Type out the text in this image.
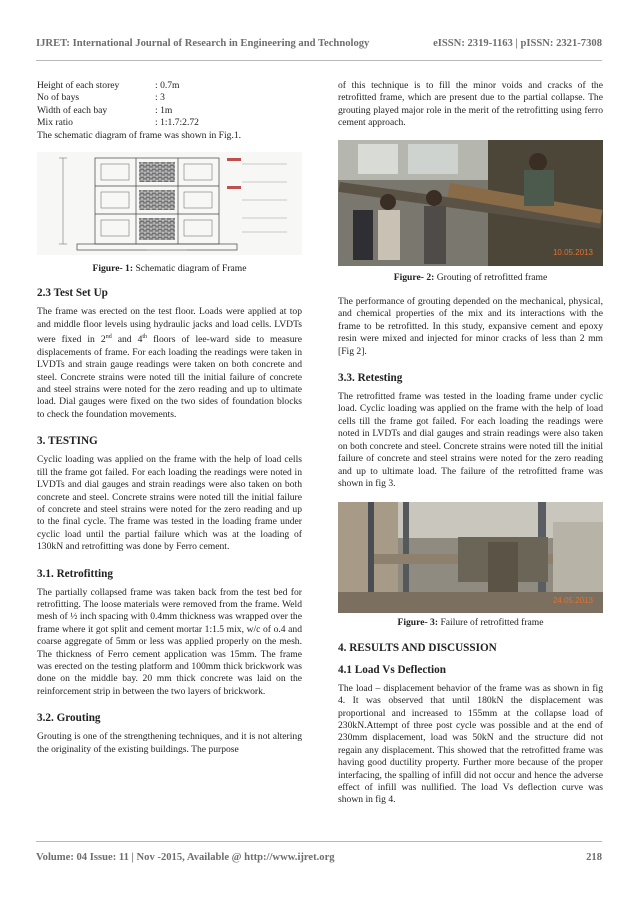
IJRET: International Journal of Research in Engineering and Technology	eISSN: 2319-1163 | pISSN: 2321-7308
Height of each storey	: 0.7m
No of bays	: 3
Width of each bay	: 1m
Mix ratio	: 1:1.7:2.72

The schematic diagram of frame was shown in Fig.1.

Figure- 1: Schematic diagram of Frame

2.3 Test Set Up

The frame was erected on the test floor. Loads were applied at top and middle floor levels using hydraulic jacks and load cells. LVDTs were fixed in 2nd and 4th floors of lee-ward side to measure displacements of frame. For each loading the readings were taken in LVDTs and strain gauge readings were taken on both concrete and steel. Concrete strains were noted till the initial failure of concrete and steel strains were noted for the zero reading and up to ultimate load. Dial gauges were fixed on the two sides of foundation blocks to check the foundation movements.

3. TESTING

Cyclic loading was applied on the frame with the help of load cells till the frame got failed. For each loading the readings were noted in LVDTs and dial gauges and strain readings were also taken on both concrete and steel. Concrete strains were noted till the initial failure of concrete and steel strains were noted for the zero reading and up to the final cycle. The frame was tested in the loading frame under cyclic load until the partial failure which was at the loading of 130kN and retrofitting was done by Ferro cement.

3.1. Retrofitting

The partially collapsed frame was taken back from the test bed for retrofitting. The loose materials were removed from the frame. Weld mesh of ½ inch spacing with 0.4mm thickness was wrapped over the frame where it got split and cement mortar 1:1.5 mix, w/c of o.4 and coarse aggregate of 5mm or less was applied properly on the mesh. The thickness of Ferro cement application was 15mm. The frame was erected on the testing platform and 100mm thick brickwork was done on the middle bay. 20 mm thick concrete was laid on the reinforcement strip in between the two layers of brickwork.

3.2. Grouting

Grouting is one of the strengthening techniques, and it is not altering the originality of the existing buildings. The purpose

of this technique is to fill the minor voids and cracks of the retrofitted frame, which are present due to the partial collapse. The grouting played major role in the merit of the retrofitting using ferro cement approach.

10.05.2013

Figure- 2: Grouting of retrofitted frame

The performance of grouting depended on the mechanical, physical, and chemical properties of the mix and its interactions with the frame to be retrofitted. In this study, expansive cement and epoxy resin were mixed and injected for minor cracks of less than 2 mm [Fig 2].

3.3. Retesting

The retrofitted frame was tested in the loading frame under cyclic load. Cyclic loading was applied on the frame with the help of load cells till the frame got failed. For each loading the readings were noted in LVDTs and dial gauges and strain readings were also taken on both concrete and steel. Concrete strains were noted till the initial failure of concrete and steel strains were noted for the zero reading and up to ultimate load. The failure of the retrofitted frame was shown in fig 3.

24.05.2013

Figure- 3: Failure of retrofitted frame

4. RESULTS AND DISCUSSION
4.1 Load Vs Deflection

The load – displacement behavior of the frame was as shown in fig 4. It was observed that until 180kN the displacement was proportional and increased to 155mm at the collapse load of 230kN.Attempt of three post cycle was possible and at the end of 230mm displacement, load was 50kN and the structure did not regain any displacement. This showed that the retrofitted frame was having good ductility property. Further more because of the proper interfacing, the spalling of infill did not occur and hence the adverse effect of infill was nullified. The load Vs deflection curve was shown in fig 4.

Volume: 04 Issue: 11 | Nov -2015, Available @ http://www.ijret.org	218
